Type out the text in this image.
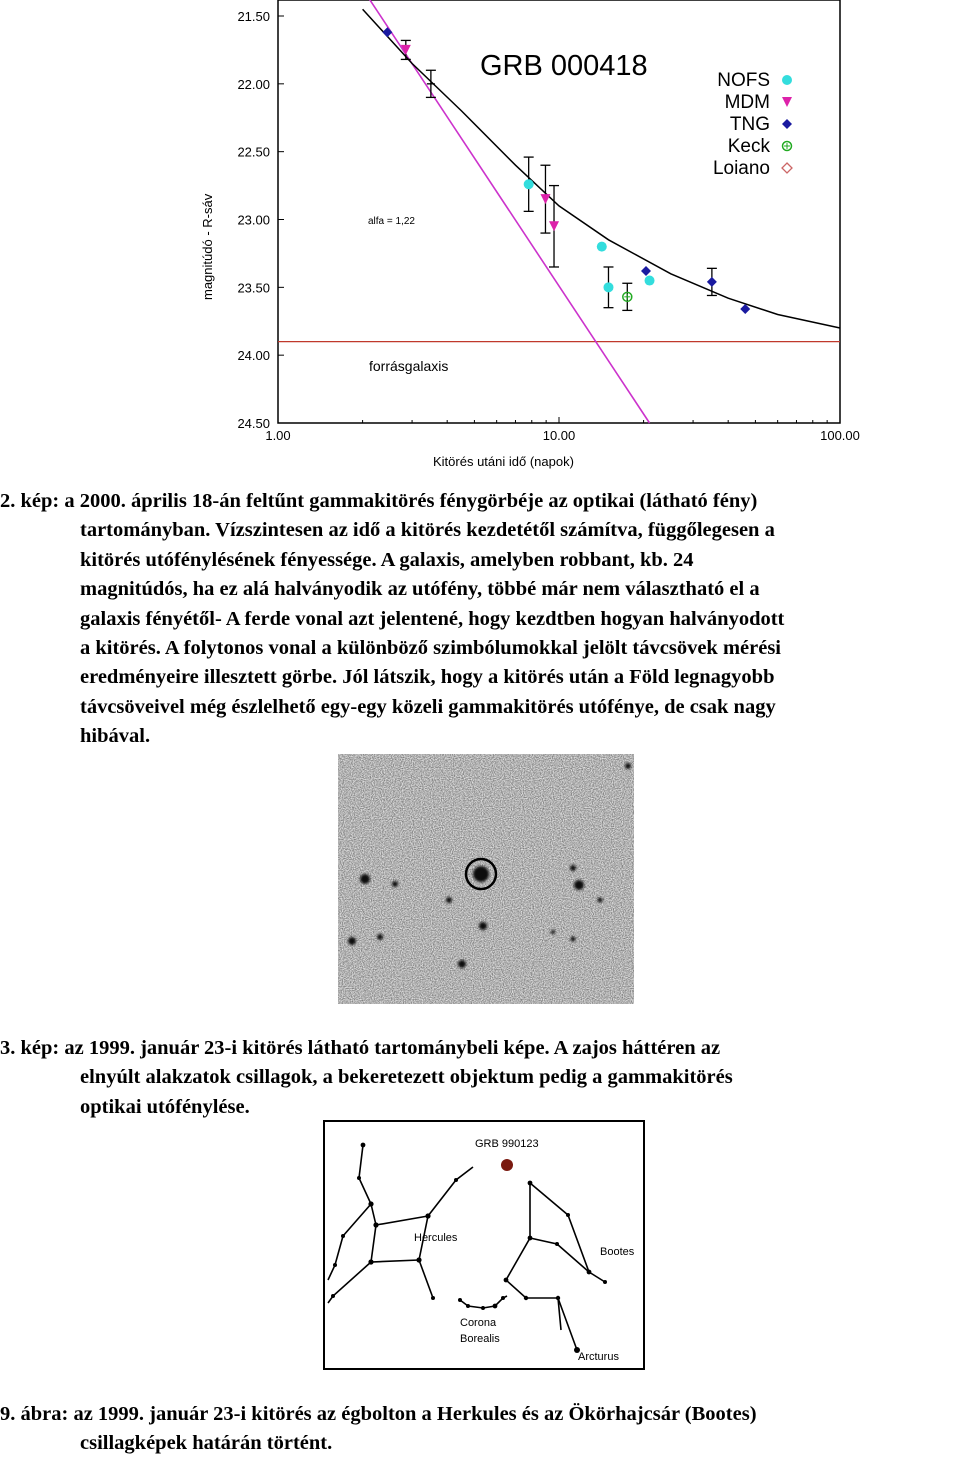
21.50
22.00
22.50
23.00
23.50
24.00
24.50
1.00	10.00	100.00
GRB 000418
magnitúdó - R-sáv
Kitörés utáni idő (napok)
alfa = 1,22
forrásgalaxis
NOFS
MDM
TNG
Keck
Loiano

2. kép: a 2000. április 18-án feltűnt gammakitörés fénygörbéje az optikai (látható fény)
tartományban. Vízszintesen az idő a kitörés kezdetétől számítva, függőlegesen a
kitörés utófénylésének fényessége. A galaxis, amelyben robbant, kb. 24
magnitúdós, ha ez alá halványodik az utófény, többé már nem választható el a
galaxis fényétől- A ferde vonal azt jelentené, hogy kezdtben hogyan halványodott
a kitörés. A folytonos vonal a különböző szimbólumokkal jelölt távcsövek mérési
eredményeire illesztett görbe. Jól látszik, hogy a kitörés után a Föld legnagyobb
távcsöveivel még észlelhető egy-egy közeli gammakitörés utófénye, de csak nagy
hibával.

3. kép: az 1999. január 23-i kitörés látható tartománybeli képe. A zajos háttéren az
elnyúlt alakzatok csillagok, a bekeretezett objektum pedig a gammakitörés
optikai utófénylése.

GRB 990123
Hercules
Bootes
Corona
Borealis
Arcturus

9. ábra: az 1999. január 23-i kitörés az égbolton a Herkules és az Ökörhajcsár (Bootes)
csillagképek határán történt.
